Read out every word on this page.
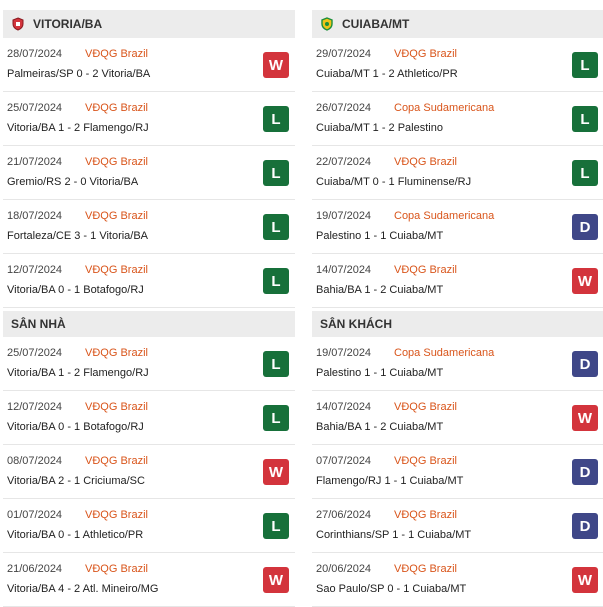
VITORIA/BA
28/07/2024 VĐQG Brazil
Palmeiras/SP 0 - 2 Vitoria/BA
W
25/07/2024 VĐQG Brazil
Vitoria/BA 1 - 2 Flamengo/RJ
L
21/07/2024 VĐQG Brazil
Gremio/RS 2 - 0 Vitoria/BA
L
18/07/2024 VĐQG Brazil
Fortaleza/CE 3 - 1 Vitoria/BA
L
12/07/2024 VĐQG Brazil
Vitoria/BA 0 - 1 Botafogo/RJ
L
SÂN NHÀ
25/07/2024 VĐQG Brazil
Vitoria/BA 1 - 2 Flamengo/RJ
L
12/07/2024 VĐQG Brazil
Vitoria/BA 0 - 1 Botafogo/RJ
L
08/07/2024 VĐQG Brazil
Vitoria/BA 2 - 1 Criciuma/SC
W
01/07/2024 VĐQG Brazil
Vitoria/BA 0 - 1 Athletico/PR
L
21/06/2024 VĐQG Brazil
Vitoria/BA 4 - 2 Atl. Mineiro/MG
W
CUIABA/MT
29/07/2024 VĐQG Brazil
Cuiaba/MT 1 - 2 Athletico/PR
L
26/07/2024 Copa Sudamericana
Cuiaba/MT 1 - 2 Palestino
L
22/07/2024 VĐQG Brazil
Cuiaba/MT 0 - 1 Fluminense/RJ
L
19/07/2024 Copa Sudamericana
Palestino 1 - 1 Cuiaba/MT
D
14/07/2024 VĐQG Brazil
Bahia/BA 1 - 2 Cuiaba/MT
W
SÂN KHÁCH
19/07/2024 Copa Sudamericana
Palestino 1 - 1 Cuiaba/MT
D
14/07/2024 VĐQG Brazil
Bahia/BA 1 - 2 Cuiaba/MT
W
07/07/2024 VĐQG Brazil
Flamengo/RJ 1 - 1 Cuiaba/MT
D
27/06/2024 VĐQG Brazil
Corinthians/SP 1 - 1 Cuiaba/MT
D
20/06/2024 VĐQG Brazil
Sao Paulo/SP 0 - 1 Cuiaba/MT
W
